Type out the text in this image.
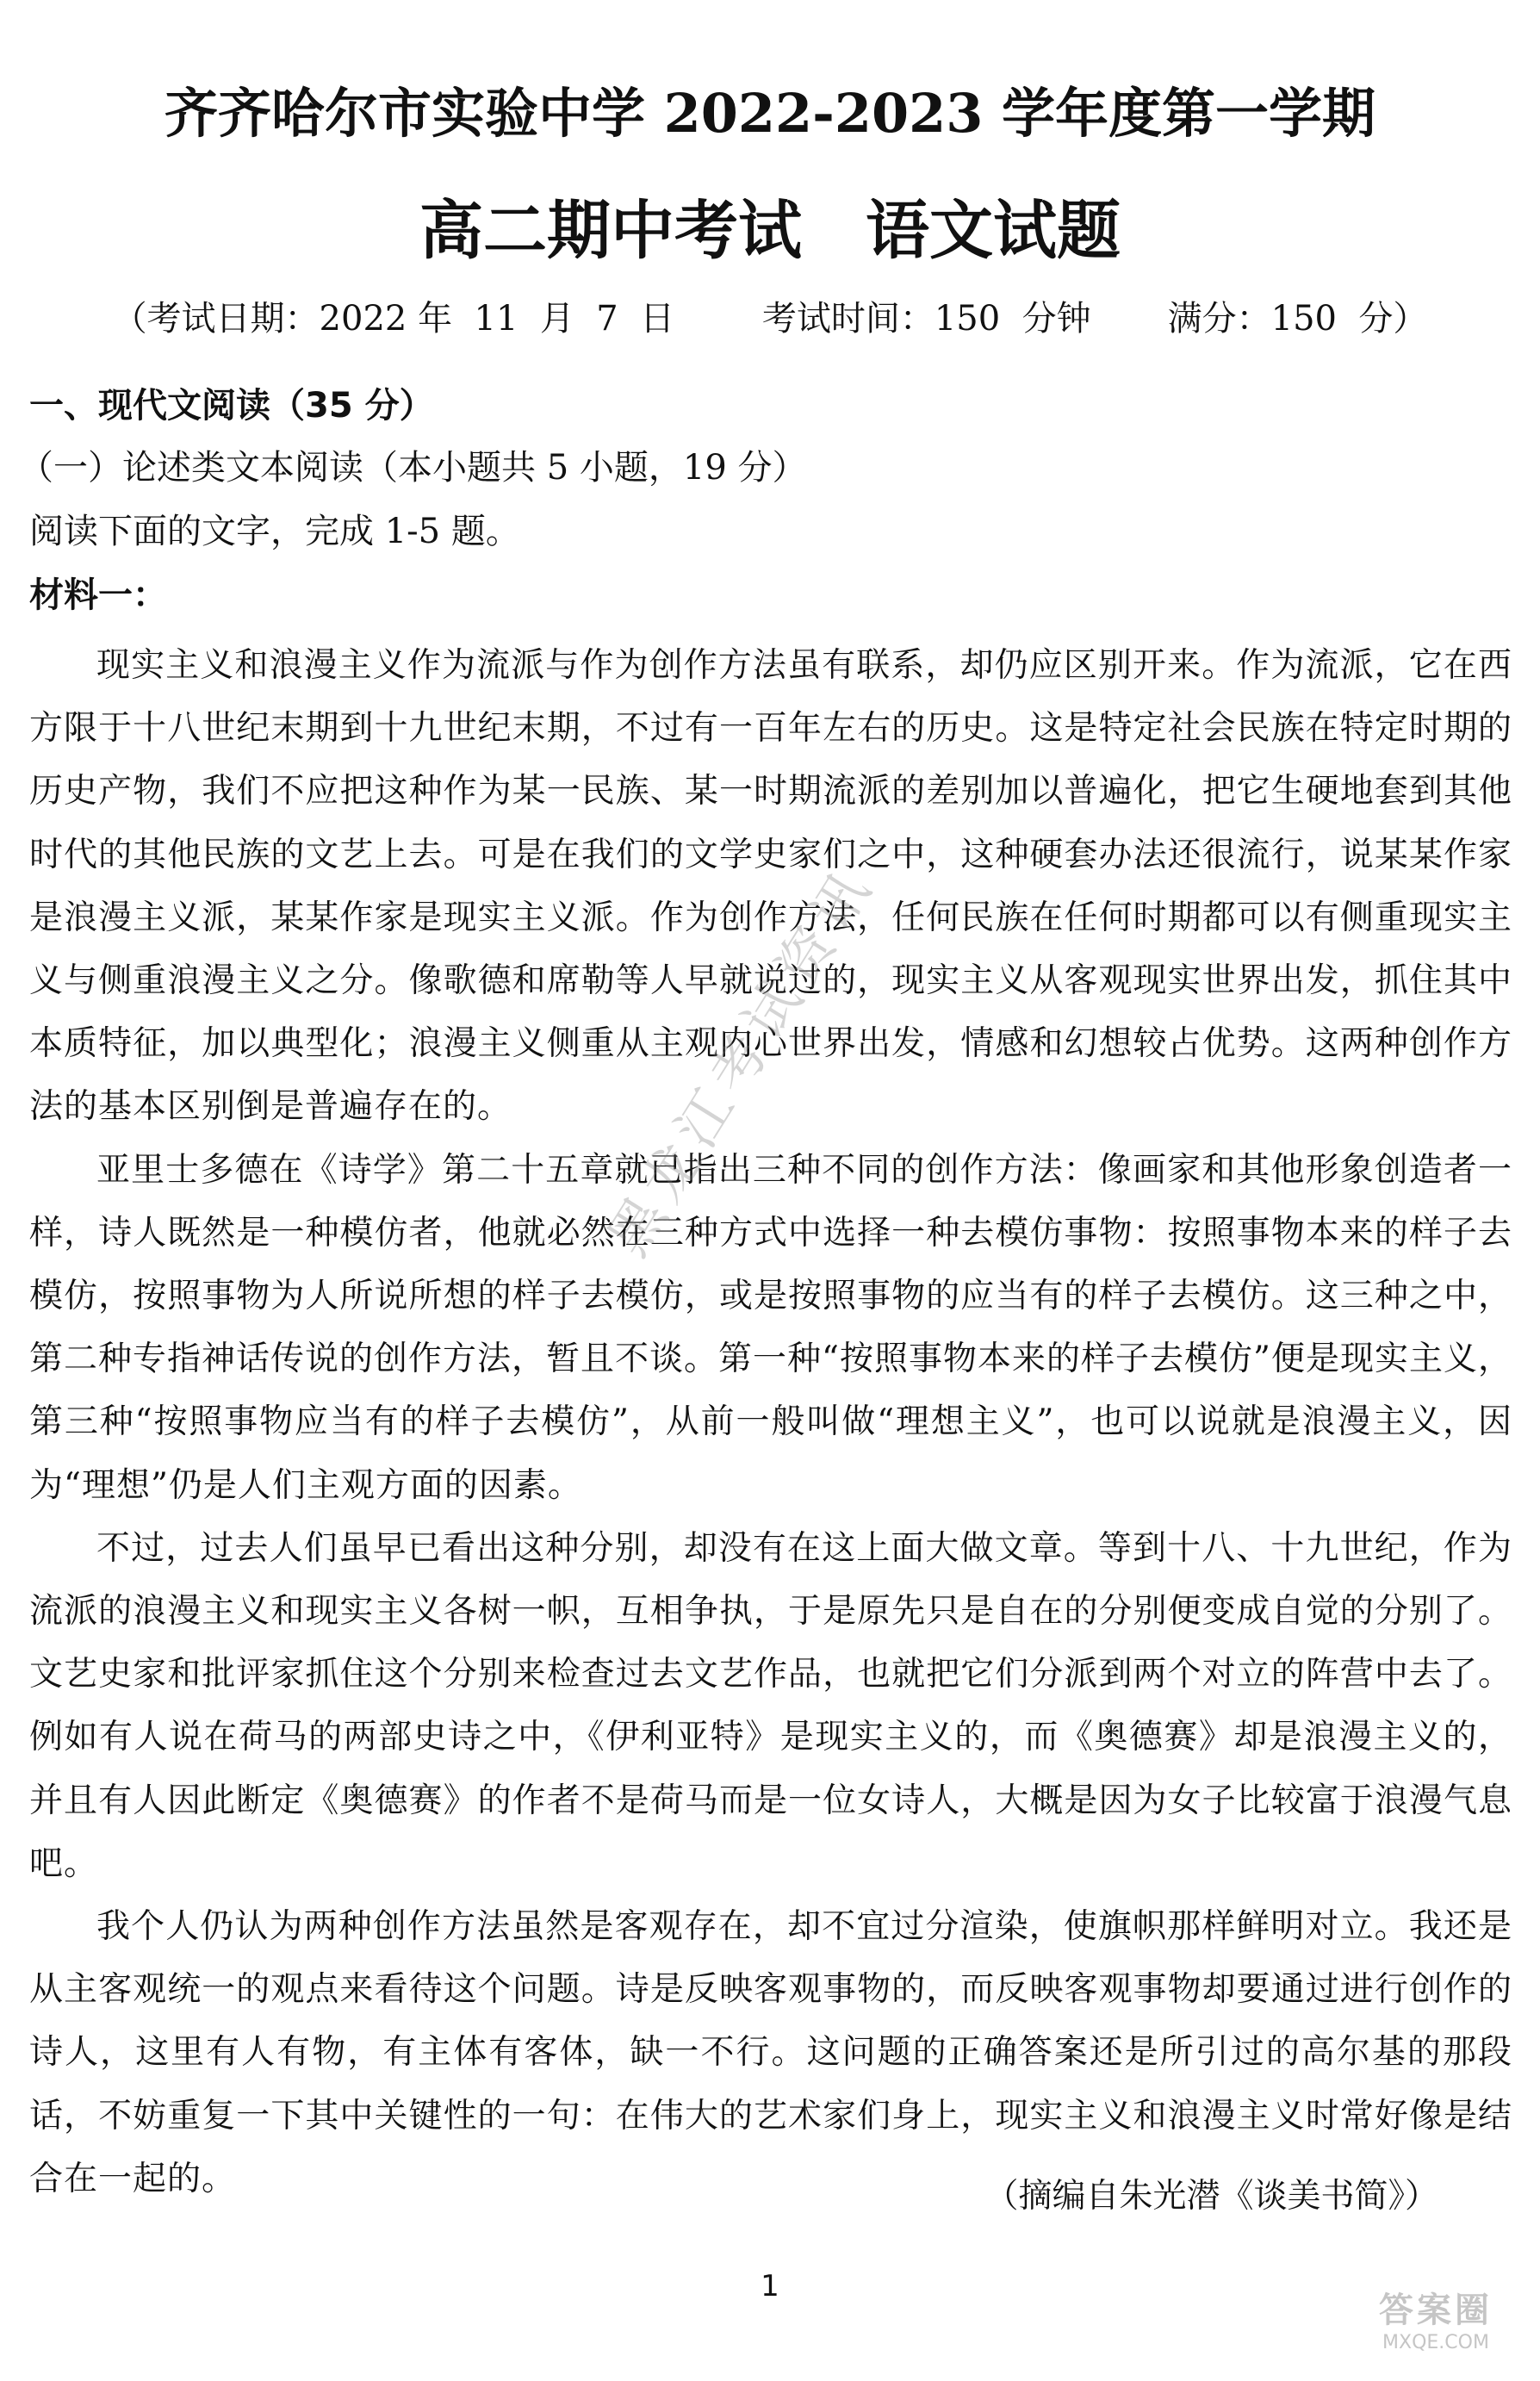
齐齐哈尔市实验中学 2022-2023 学年度第一学期
高二期中考试　语文试题
（考试日期：2022 年  11  月  7  日        考试时间：150  分钟       满分：150  分）
一、现代文阅读（35 分）
（一）论述类文本阅读（本小题共 5 小题，19 分）
阅读下面的文字，完成 1-5 题。
材料一：

现实主义和浪漫主义作为流派与作为创作方法虽有联系，却仍应区别开来。作为流派，它在西方限于十八世纪末期到十九世纪末期，不过有一百年左右的历史。这是特定社会民族在特定时期的历史产物，我们不应把这种作为某一民族、某一时期流派的差别加以普遍化，把它生硬地套到其他时代的其他民族的文艺上去。可是在我们的文学史家们之中，这种硬套办法还很流行，说某某作家是浪漫主义派，某某作家是现实主义派。作为创作方法，任何民族在任何时期都可以有侧重现实主义与侧重浪漫主义之分。像歌德和席勒等人早就说过的，现实主义从客观现实世界出发，抓住其中本质特征，加以典型化；浪漫主义侧重从主观内心世界出发，情感和幻想较占优势。这两种创作方法的基本区别倒是普遍存在的。

亚里士多德在《诗学》第二十五章就已指出三种不同的创作方法：像画家和其他形象创造者一样，诗人既然是一种模仿者，他就必然在三种方式中选择一种去模仿事物：按照事物本来的样子去模仿，按照事物为人所说所想的样子去模仿，或是按照事物的应当有的样子去模仿。这三种之中，第二种专指神话传说的创作方法，暂且不谈。第一种“按照事物本来的样子去模仿”便是现实主义，第三种“按照事物应当有的样子去模仿”，从前一般叫做“理想主义”，也可以说就是浪漫主义，因为“理想”仍是人们主观方面的因素。

不过，过去人们虽早已看出这种分别，却没有在这上面大做文章。等到十八、十九世纪，作为流派的浪漫主义和现实主义各树一帜，互相争执，于是原先只是自在的分别便变成自觉的分别了。文艺史家和批评家抓住这个分别来检查过去文艺作品，也就把它们分派到两个对立的阵营中去了。例如有人说在荷马的两部史诗之中，《伊利亚特》是现实主义的，而《奥德赛》却是浪漫主义的，并且有人因此断定《奥德赛》的作者不是荷马而是一位女诗人，大概是因为女子比较富于浪漫气息吧。

我个人仍认为两种创作方法虽然是客观存在，却不宜过分渲染，使旗帜那样鲜明对立。我还是从主客观统一的观点来看待这个问题。诗是反映客观事物的，而反映客观事物却要通过进行创作的诗人，这里有人有物，有主体有客体，缺一不行。这问题的正确答案还是所引过的高尔基的那段话，不妨重复一下其中关键性的一句：在伟大的艺术家们身上，现实主义和浪漫主义时常好像是结合在一起的。	（摘编自朱光潜《谈美书简》）
黑龙江考试资讯
1
答案圈
MXQE.COM
